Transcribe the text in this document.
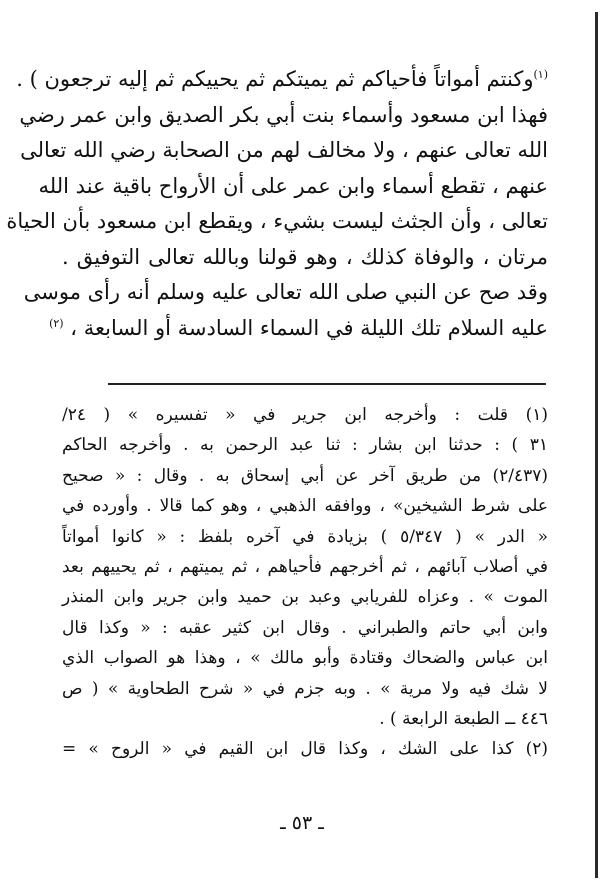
$^{(١)}$وكنتم أمواتاً فأحياكم ثم يميتكم ثم يحييكم ثم إليه ترجعون ) .
فهذا ابن مسعود وأسماء بنت أبي بكر الصديق وابن عمر رضي
الله تعالى عنهم ، ولا مخالف لهم من الصحابة رضي الله تعالى
عنهم ، تقطع أسماء وابن عمر على أن الأرواح باقية عند الله
تعالى ، وأن الجثث ليست بشيء ، ويقطع ابن مسعود بأن الحياة
مرتان ، والوفاة كذلك ، وهو قولنا وبالله تعالى التوفيق .
وقد صح عن النبي صلى الله تعالى عليه وسلم أنه رأى موسى
عليه السلام تلك الليلة في السماء السادسة أو السابعة ، $^{(٢)}$
(١) قلت : وأخرجه ابن جرير في « تفسيره » ( ٢٤/
٣١ ) : حدثنا ابن بشار : ثنا عبد الرحمن به . وأخرجه الحاكم
(٢/٤٣٧) من طريق آخر عن أبي إسحاق به . وقال : « صحيح
على شرط الشيخين» ، ووافقه الذهبي ، وهو كما قالا . وأورده في
« الدر » ( ٥/٣٤٧ ) بزيادة في آخره بلفظ : « كانوا أمواتاً
في أصلاب آبائهم ، ثم أخرجهم فأحياهم ، ثم يميتهم ، ثم يحييهم بعد
الموت » . وعزاه للفريابي وعبد بن حميد وابن جرير وابن المنذر
وابن أبي حاتم والطبراني . وقال ابن كثير عقبه : « وكذا قال
ابن عباس والضحاك وقتادة وأبو مالك » ، وهذا هو الصواب الذي
لا شك فيه ولا مرية » . وبه جزم في « شرح الطحاوية » ( ص
٤٤٦ ــ الطبعة الرابعة ) .
(٢) كذا على الشك ، وكذا قال ابن القيم في « الروح » =
ـ ٥٣ ـ
